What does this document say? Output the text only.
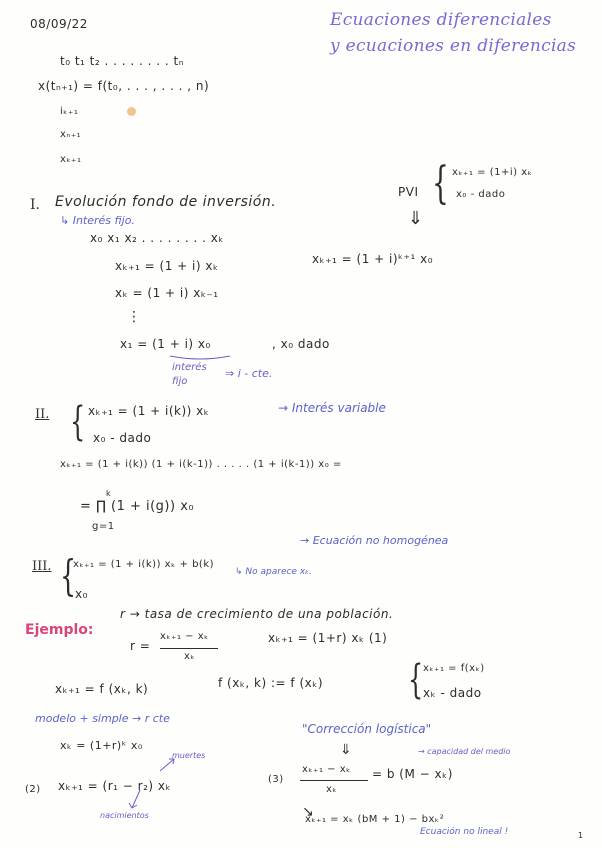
08/09/22	Ecuaciones diferenciales
y ecuaciones en diferencias
t₀ t₁ t₂ . . . . . . . . tₙ
x(tₙ₊₁) = f(t₀, . . . , . . . , n)
iₖ₊₁
xₙ₊₁
xₖ₊₁
I. Evolución fondo de inversión.
↳ Interés fijo.
x₀ x₁ x₂ . . . . . . . . xₖ
xₖ₊₁ = (1 + i) xₖ
xₖ = (1 + i) xₖ₋₁
⋮
x₁ = (1 + i) x₀	, x₀ dado
interés
fijo
⇒ i - cte.
PVI { xₖ₊₁ = (1+i) xₖ
x₀ - dado
⇓
xₖ₊₁ = (1 + i)ᵏ⁺¹ x₀
II. { xₖ₊₁ = (1 + i(k)) xₖ	→ Interés variable
x₀ - dado
xₖ₊₁ = (1 + i(k)) (1 + i(k-1)) . . . . . (1 + i(k-1)) x₀ =
k
= ∏ (1 + i(g)) x₀
g=1
III. {
xₖ₊₁ = (1 + i(k)) xₖ + b(k)
→ Ecuación no homogénea
↳ No aparece xₖ.
x₀
Ejemplo:
r → tasa de crecimiento de una población.
r =
xₖ₊₁ − xₖ
xₖ
xₖ₊₁ = (1+r) xₖ (1)
xₖ₊₁ = f (xₖ, k)	f (xₖ, k) := f (xₖ) { xₖ₊₁ = f(xₖ)
xₖ - dado
modelo + simple → r cte
xₖ = (1+r)ᵏ x₀
muertes
(2) xₖ₊₁ = (r₁ − r₂) xₖ
nacimientos
"Corrección logística"
⇓	→ capacidad del medio
(3)
xₖ₊₁ − xₖ
xₖ
= b (M − xₖ)
↘
xₖ₊₁ = xₖ (bM + 1) − bxₖ²
Ecuación no lineal !	1
